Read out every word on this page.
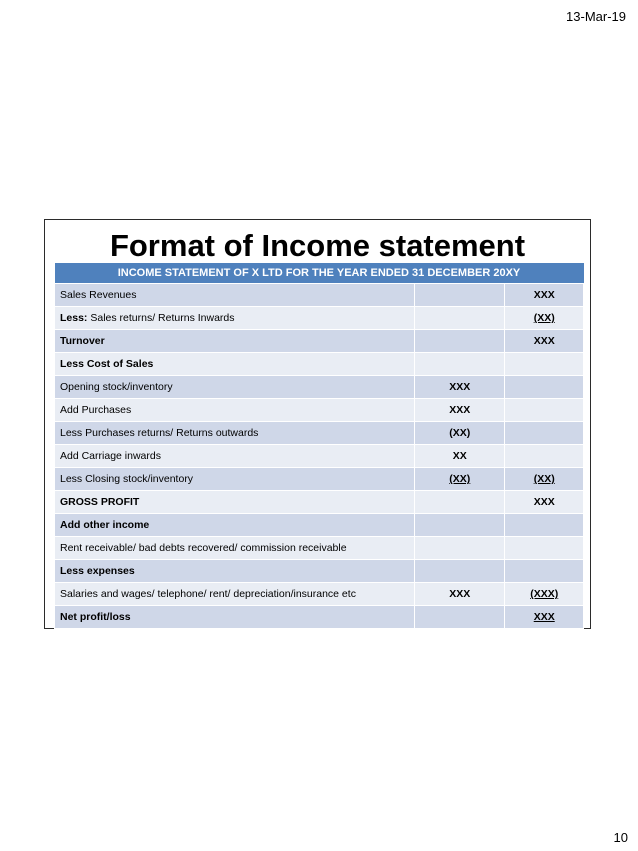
13-Mar-19
Format of Income statement
INCOME STATEMENT OF X LTD FOR THE YEAR ENDED 31 DECEMBER 20XY		
Sales Revenues		XXX
Less: Sales returns/ Returns Inwards		(XX)
Turnover		XXX
Less Cost of Sales		
Opening stock/inventory	XXX	
Add Purchases	XXX	
Less Purchases returns/ Returns outwards	(XX)	
Add Carriage inwards	XX	
Less Closing stock/inventory	(XX)	(XX)
GROSS PROFIT		XXX
Add other income		
Rent receivable/ bad debts recovered/ commission receivable		
Less expenses		
Salaries and wages/ telephone/ rent/ depreciation/insurance etc	XXX	(XXX)
Net profit/loss		XXX
10
